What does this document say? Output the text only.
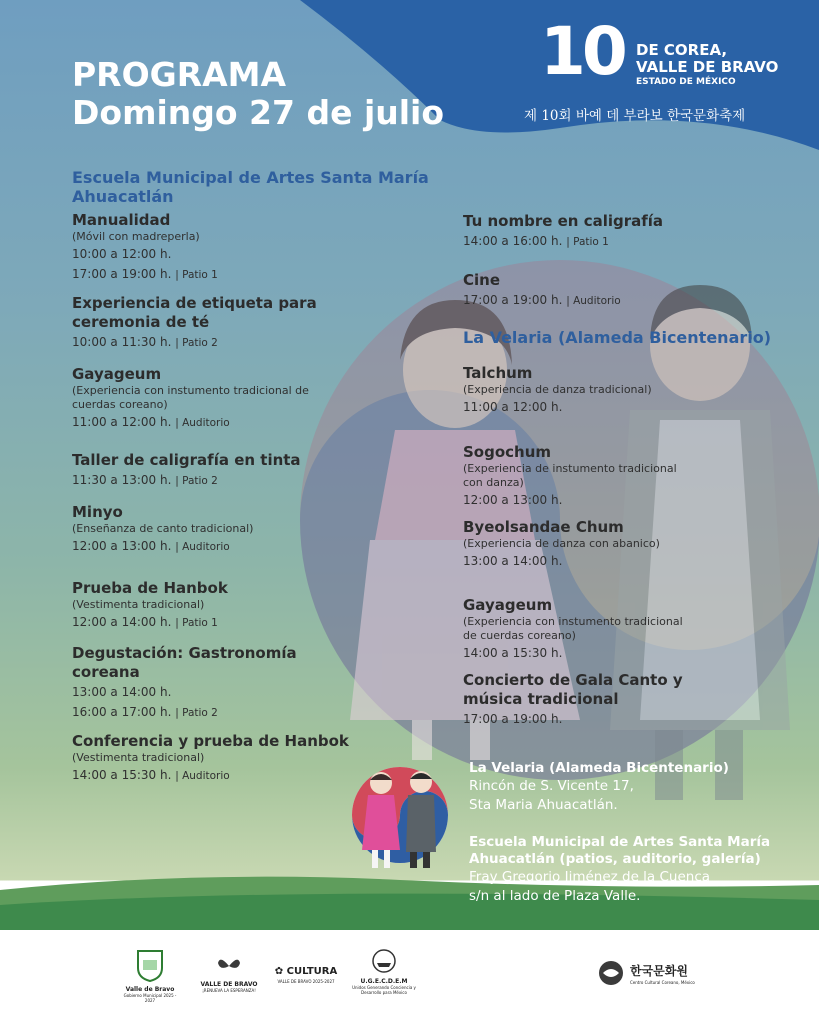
PROGRAMA
Domingo 27 de julio
10 DE COREA,
VALLE DE BRAVO
ESTADO DE MÉXICO
제 10회 바예 데 부라보 한국문화축제
Escuela Municipal de Artes Santa María Ahuacatlán
Manualidad
(Móvil con madreperla)
10:00 a 12:00 h.
17:00 a 19:00 h. | Patio 1
Experiencia de etiqueta para ceremonia de té
10:00 a 11:30 h. | Patio 2
Gayageum
(Experiencia con instumento tradicional de cuerdas coreano)
11:00 a 12:00 h. | Auditorio
Taller de caligrafía en tinta
11:30 a 13:00 h. | Patio 2
Minyo
(Enseñanza de canto tradicional)
12:00 a 13:00 h. | Auditorio
Prueba de Hanbok
(Vestimenta tradicional)
12:00 a 14:00 h. | Patio 1
Degustación: Gastronomía coreana
13:00 a 14:00 h.
16:00 a 17:00 h. | Patio 2
Conferencia y prueba de Hanbok
(Vestimenta tradicional)
14:00 a 15:30 h. | Auditorio
Tu nombre en caligrafía
14:00 a 16:00 h. | Patio 1
Cine
17:00 a 19:00 h. | Auditorio
Talchum
(Experiencia de danza tradicional)
11:00 a 12:00 h.
Sogochum
(Experiencia de instumento tradicional con danza)
12:00 a 13:00 h.
Byeolsandae Chum
(Experiencia de danza con abanico)
13:00 a 14:00 h.
Gayageum
(Experiencia con instumento tradicional de cuerdas coreano)
14:00 a 15:30 h.
Concierto de Gala Canto y música tradicional
17:00 a 19:00 h.
La Velaria (Alameda Bicentenario)
La Velaria (Alameda Bicentenario)
Rincón de S. Vicente 17,
Sta Maria Ahuacatlán.
Escuela Municipal de Artes Santa María Ahuacatlán (patios, auditorio, galería)
Fray Gregorio Jiménez de la Cuenca
s/n al lado de Plaza Valle.
Valle de Bravo
Gobierno Municipal 2025 - 2027
VALLE DE BRAVO
¡RENUEVA LA ESPERANZA!
✿ CULTURA
VALLE DE BRAVO 2025-2027	U.G.E.C.D.E.M
Unidos Generando Conciencia y Desarrollo para México
한국문화원
Centro Cultural Coreano, México
